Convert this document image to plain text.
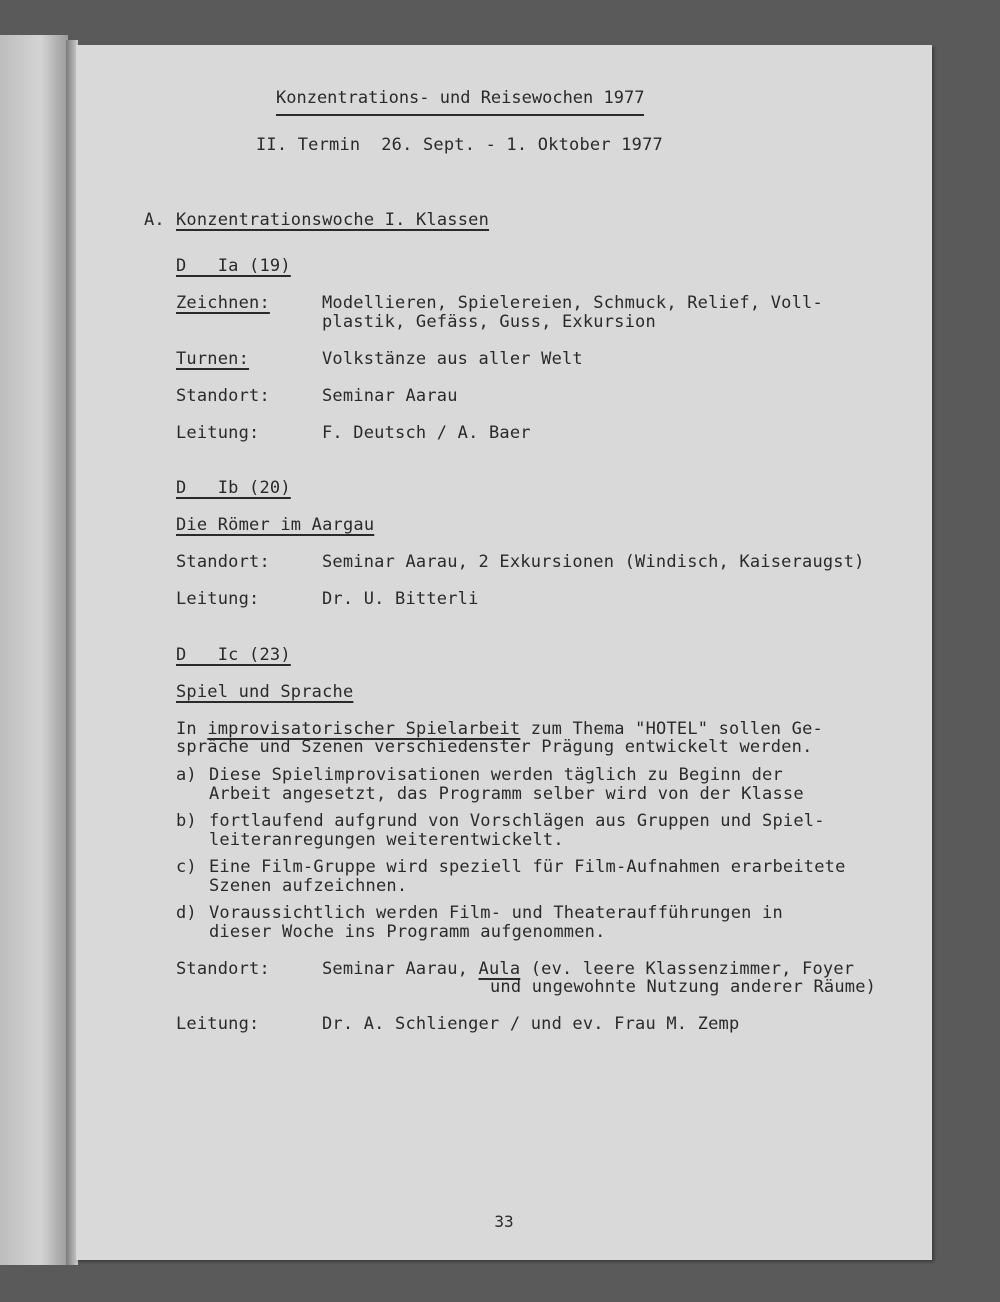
Konzentrations- und Reisewochen 1977
II. Termin  26. Sept. - 1. Oktober 1977
A. Konzentrationswoche I. Klassen
D   Ia (19)
Zeichnen:	Modellieren, Spielereien, Schmuck, Relief, Voll-
plastik, Gefäss, Guss, Exkursion
Turnen:	Volkstänze aus aller Welt
Standort:	Seminar Aarau
Leitung:	F. Deutsch / A. Baer
D   Ib (20)
Die Römer im Aargau
Standort:	Seminar Aarau, 2 Exkursionen (Windisch, Kaiseraugst)
Leitung:	Dr. U. Bitterli
D   Ic (23)
Spiel und Sprache
In improvisatorischer Spielarbeit zum Thema "HOTEL" sollen Ge-
spräche und Szenen verschiedenster Prägung entwickelt werden.
a) Diese Spielimprovisationen werden täglich zu Beginn der
Arbeit angesetzt, das Programm selber wird von der Klasse
b) fortlaufend aufgrund von Vorschlägen aus Gruppen und Spiel-
leiteranregungen weiterentwickelt.
c) Eine Film-Gruppe wird speziell für Film-Aufnahmen erarbeitete
Szenen aufzeichnen.
d) Voraussichtlich werden Film- und Theateraufführungen in
dieser Woche ins Programm aufgenommen.
Standort:	Seminar Aarau, Aula (ev. leere Klassenzimmer, Foyer
und ungewohnte Nutzung anderer Räume)
Leitung:	Dr. A. Schlienger / und ev. Frau M. Zemp
33
